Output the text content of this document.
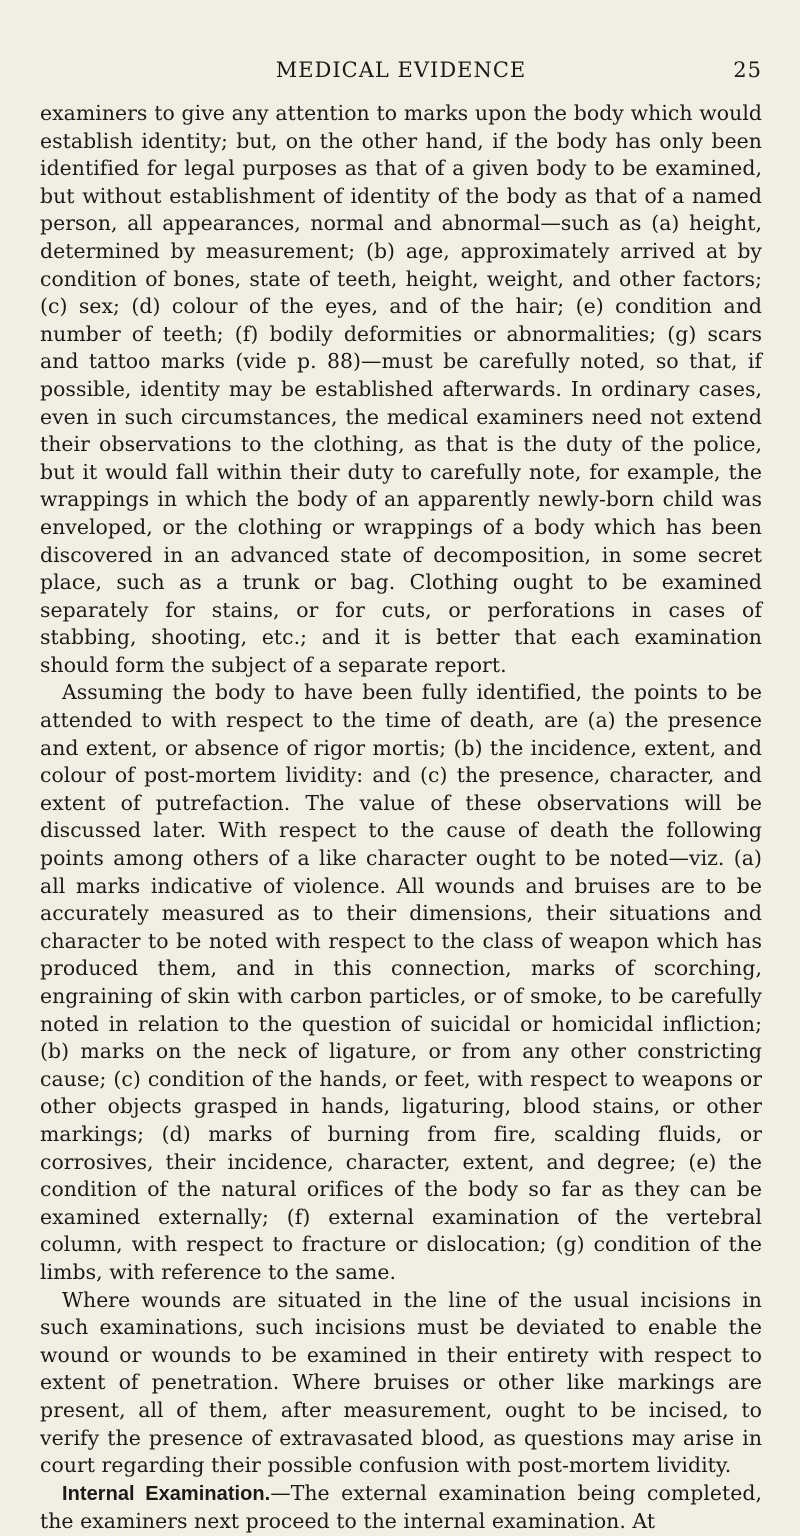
MEDICAL EVIDENCE	25

examiners to give any attention to marks upon the body which would establish identity; but, on the other hand, if the body has only been identified for legal purposes as that of a given body to be examined, but without establishment of identity of the body as that of a named person, all appearances, normal and abnormal—such as (a) height, determined by measurement; (b) age, approximately arrived at by condition of bones, state of teeth, height, weight, and other factors; (c) sex; (d) colour of the eyes, and of the hair; (e) condition and number of teeth; (f) bodily deformities or abnormalities; (g) scars and tattoo marks (vide p. 88)—must be carefully noted, so that, if possible, identity may be established afterwards. In ordinary cases, even in such circumstances, the medical examiners need not extend their observations to the clothing, as that is the duty of the police, but it would fall within their duty to carefully note, for example, the wrappings in which the body of an apparently newly-born child was enveloped, or the clothing or wrappings of a body which has been discovered in an advanced state of decomposition, in some secret place, such as a trunk or bag. Clothing ought to be examined separately for stains, or for cuts, or perforations in cases of stabbing, shooting, etc.; and it is better that each examination should form the subject of a separate report.

Assuming the body to have been fully identified, the points to be attended to with respect to the time of death, are (a) the presence and extent, or absence of rigor mortis; (b) the incidence, extent, and colour of post-mortem lividity: and (c) the presence, character, and extent of putrefaction. The value of these observations will be discussed later. With respect to the cause of death the following points among others of a like character ought to be noted—viz. (a) all marks indicative of violence. All wounds and bruises are to be accurately measured as to their dimensions, their situations and character to be noted with respect to the class of weapon which has produced them, and in this connection, marks of scorching, engraining of skin with carbon particles, or of smoke, to be carefully noted in relation to the question of suicidal or homicidal infliction; (b) marks on the neck of ligature, or from any other constricting cause; (c) condition of the hands, or feet, with respect to weapons or other objects grasped in hands, ligaturing, blood stains, or other markings; (d) marks of burning from fire, scalding fluids, or corrosives, their incidence, character, extent, and degree; (e) the condition of the natural orifices of the body so far as they can be examined externally; (f) external examination of the vertebral column, with respect to fracture or dislocation; (g) condition of the limbs, with reference to the same.

Where wounds are situated in the line of the usual incisions in such examinations, such incisions must be deviated to enable the wound or wounds to be examined in their entirety with respect to extent of penetration. Where bruises or other like markings are present, all of them, after measurement, ought to be incised, to verify the presence of extravasated blood, as questions may arise in court regarding their possible confusion with post-mortem lividity.

Internal Examination.—The external examination being completed, the examiners next proceed to the internal examination. At
